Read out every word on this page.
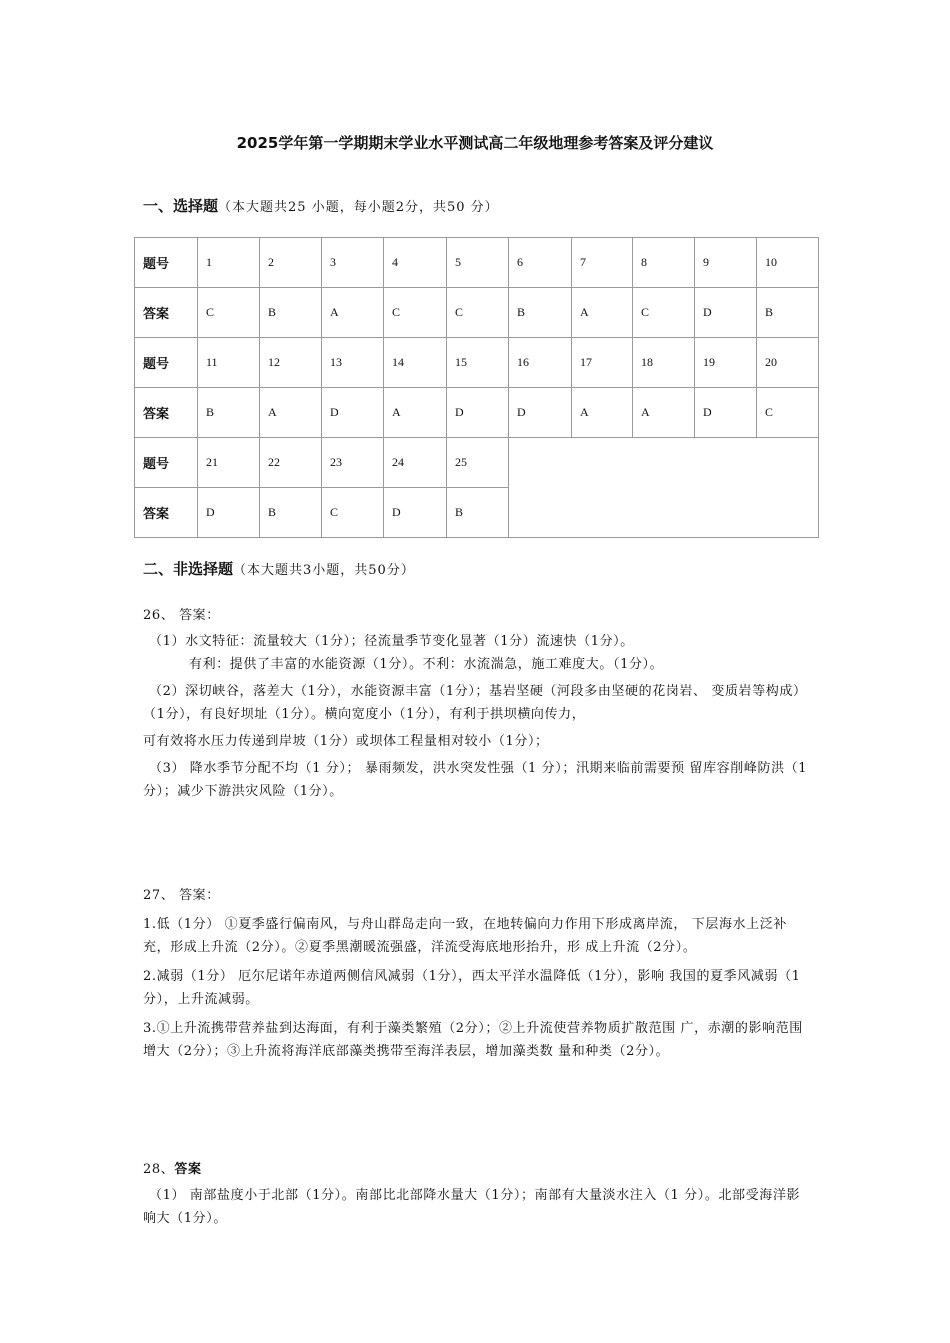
2025学年第一学期期末学业水平测试高二年级地理参考答案及评分建议
一、选择题（本大题共25 小题，每小题2分，共50 分）
题号	1	2	3	4	5	6	7	8	9	10
答案	C	B	A	C	C	B	A	C	D	B
题号	11	12	13	14	15	16	17	18	19	20
答案	B	A	D	A	D	D	A	A	D	C
题号	21	22	23	24	25					
答案	D	B	C	D	B					
二、非选择题（本大题共3小题，共50分）

26、 答案：

（1）水文特征：流量较大（1分）；径流量季节变化显著（1分）流速快（1分）。

有利：提供了丰富的水能资源（1分）。不利：水流湍急，施工难度大。（1分）。

（2）深切峡谷，落差大（1分），水能资源丰富（1分）；基岩坚硬（河段多由坚硬的花岗岩、 变质岩等构成）（1分），有良好坝址（1分）。横向宽度小（1分），有利于拱坝横向传力，

可有效将水压力传递到岸坡（1分）或坝体工程量相对较小（1分）；

（3） 降水季节分配不均（1 分）； 暴雨频发，洪水突发性强（1 分）；汛期来临前需要预 留库容削峰防洪（1分）；减少下游洪灾风险（1分）。

27、 答案：

1.低（1分） ①夏季盛行偏南风，与舟山群岛走向一致，在地转偏向力作用下形成离岸流， 下层海水上泛补充，形成上升流（2分）。②夏季黑潮暖流强盛，洋流受海底地形抬升，形 成上升流（2分）。

2.减弱（1分） 厄尔尼诺年赤道两侧信风减弱（1分），西太平洋水温降低（1分），影响 我国的夏季风减弱（1分），上升流减弱。

3.①上升流携带营养盐到达海面，有利于藻类繁殖（2分）；②上升流使营养物质扩散范围 广，赤潮的影响范围增大（2分）；③上升流将海洋底部藻类携带至海洋表层，增加藻类数 量和种类（2分）。

28、答案

（1） 南部盐度小于北部（1分）。南部比北部降水量大（1分）；南部有大量淡水注入（1 分）。北部受海洋影响大（1分）。
